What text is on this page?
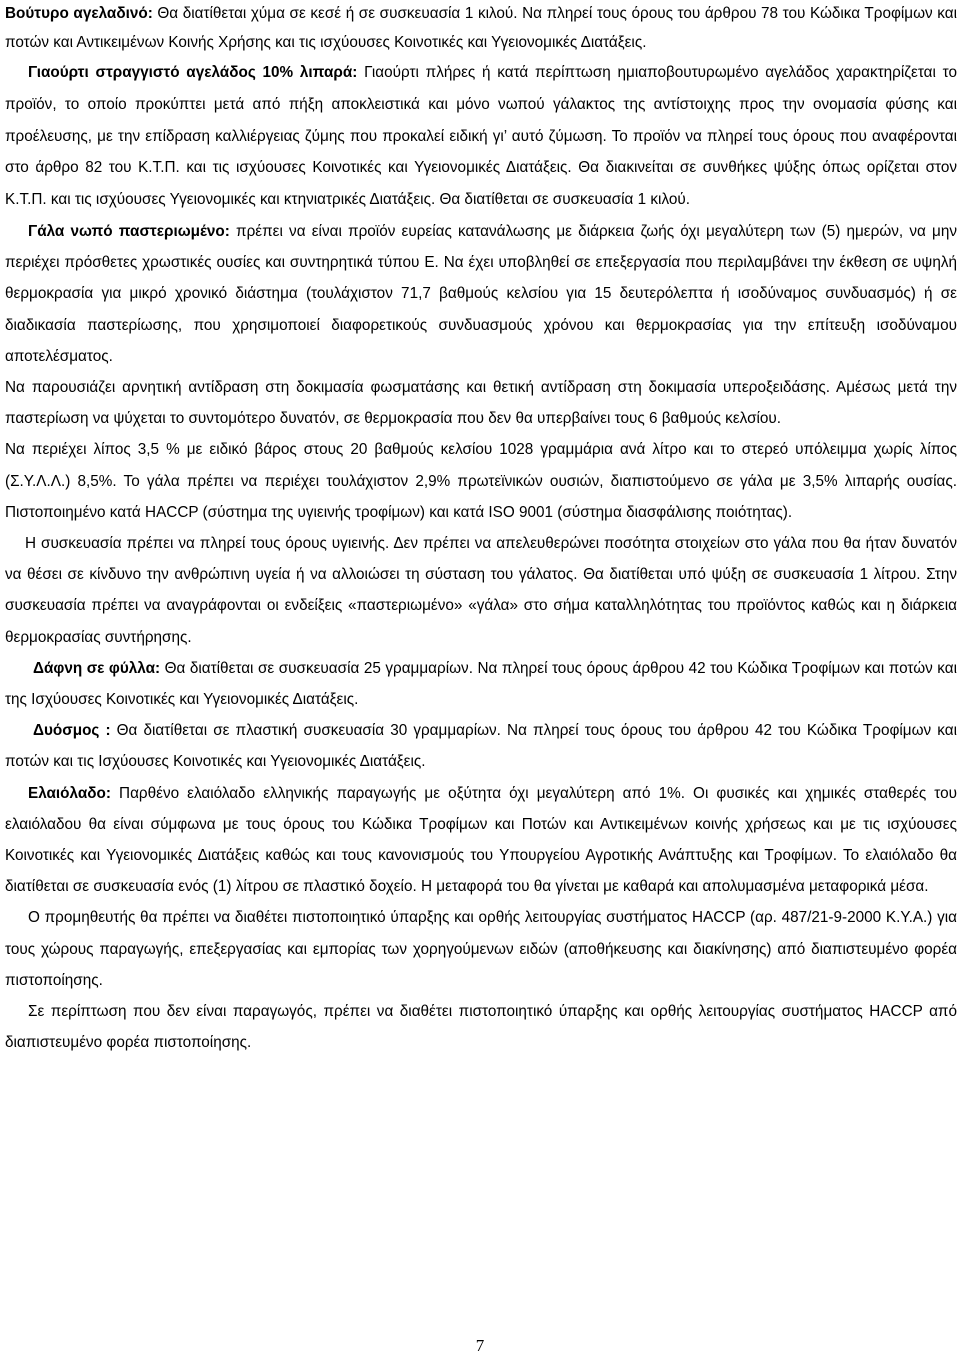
Βούτυρο αγελαδινό: Θα διατίθεται χύμα σε κεσέ ή σε συσκευασία 1 κιλού. Να πληρεί τους όρους του άρθρου 78 του Κώδικα Τροφίμων και ποτών και Αντικειμένων Κοινής Χρήσης και τις ισχύουσες Κοινοτικές και Υγειονομικές Διατάξεις.

Γιαούρτι στραγγιστό αγελάδος 10% λιπαρά: Γιαούρτι πλήρες ή κατά περίπτωση ημιαποβουτυρωμένο αγελάδος χαρακτηρίζεται το προϊόν, το οποίο προκύπτει μετά από πήξη αποκλειστικά και μόνο νωπού γάλακτος της αντίστοιχης προς την ονομασία φύσης και προέλευσης, με την επίδραση καλλιέργειας ζύμης που προκαλεί ειδική γι’ αυτό ζύμωση. Το προϊόν να πληρεί τους όρους που αναφέρονται στο άρθρο 82 του Κ.Τ.Π. και τις ισχύουσες Κοινοτικές και Υγειονομικές Διατάξεις. Θα διακινείται σε συνθήκες ψύξης όπως ορίζεται στον Κ.Τ.Π. και τις ισχύουσες Υγειονομικές και κτηνιατρικές Διατάξεις. Θα διατίθεται σε συσκευασία 1 κιλού.

Γάλα νωπό παστεριωμένο: πρέπει να είναι προϊόν ευρείας κατανάλωσης με διάρκεια ζωής όχι μεγαλύτερη των (5) ημερών, να μην περιέχει πρόσθετες χρωστικές ουσίες και συντηρητικά τύπου Ε. Να έχει υποβληθεί σε επεξεργασία που περιλαμβάνει την έκθεση σε υψηλή θερμοκρασία για μικρό χρονικό διάστημα (τουλάχιστον 71,7 βαθμούς κελσίου για 15 δευτερόλεπτα ή ισοδύναμος συνδυασμός) ή σε διαδικασία παστερίωσης, που χρησιμοποιεί διαφορετικούς συνδυασμούς χρόνου και θερμοκρασίας για την επίτευξη ισοδύναμου αποτελέσματος.

Να παρουσιάζει αρνητική αντίδραση στη δοκιμασία φωσματάσης και θετική αντίδραση στη δοκιμασία υπεροξειδάσης. Αμέσως μετά την παστερίωση να ψύχεται το συντομότερο δυνατόν, σε θερμοκρασία που δεν θα υπερβαίνει τους 6 βαθμούς κελσίου.

Να περιέχει λίπος 3,5 % με ειδικό βάρος στους 20 βαθμούς κελσίου 1028 γραμμάρια ανά λίτρο και το στερεό υπόλειμμα χωρίς λίπος (Σ.Υ.Λ.Λ.) 8,5%. Το γάλα πρέπει να περιέχει τουλάχιστον 2,9% πρωτεϊνικών ουσιών, διαπιστούμενο σε γάλα με 3,5% λιπαρής ουσίας. Πιστοποιημένο κατά HACCP (σύστημα της υγιεινής τροφίμων) και κατά ISO 9001 (σύστημα διασφάλισης ποιότητας).

Η συσκευασία πρέπει να πληρεί τους όρους υγιεινής. Δεν πρέπει να απελευθερώνει ποσότητα στοιχείων στο γάλα που θα ήταν δυνατόν να θέσει σε κίνδυνο την ανθρώπινη υγεία ή να αλλοιώσει τη σύσταση του γάλατος. Θα διατίθεται υπό ψύξη σε συσκευασία 1 λίτρου. Στην συσκευασία πρέπει να αναγράφονται οι ενδείξεις «παστεριωμένο» «γάλα» στο σήμα καταλληλότητας του προϊόντος καθώς και η διάρκεια θερμοκρασίας συντήρησης.

Δάφνη σε φύλλα: Θα διατίθεται σε συσκευασία 25 γραμμαρίων. Να πληρεί τους όρους άρθρου 42 του Κώδικα Τροφίμων και ποτών και της Ισχύουσες Κοινοτικές και Υγειονομικές Διατάξεις.

Δυόσμος : Θα διατίθεται σε πλαστική συσκευασία 30 γραμμαρίων. Να πληρεί τους όρους του άρθρου 42 του Κώδικα Τροφίμων και ποτών και τις Ισχύουσες Κοινοτικές και Υγειονομικές Διατάξεις.

Ελαιόλαδο: Παρθένο ελαιόλαδο ελληνικής παραγωγής με οξύτητα όχι μεγαλύτερη από 1%. Οι φυσικές και χημικές σταθερές του ελαιόλαδου θα είναι σύμφωνα με τους όρους του Κώδικα Τροφίμων και Ποτών και Αντικειμένων κοινής χρήσεως και με τις ισχύουσες Κοινοτικές και Υγειονομικές Διατάξεις καθώς και τους κανονισμούς του Υπουργείου Αγροτικής Ανάπτυξης και Τροφίμων. Το ελαιόλαδο θα διατίθεται σε συσκευασία ενός (1) λίτρου σε πλαστικό δοχείο. Η μεταφορά του θα γίνεται με καθαρά και απολυμασμένα μεταφορικά μέσα.

Ο προμηθευτής θα πρέπει να διαθέτει πιστοποιητικό ύπαρξης και ορθής λειτουργίας συστήματος HACCP (αρ. 487/21-9-2000 Κ.Υ.Α.) για τους χώρους παραγωγής, επεξεργασίας και εμπορίας των χορηγούμενων ειδών (αποθήκευσης και διακίνησης) από διαπιστευμένο φορέα πιστοποίησης.

Σε περίπτωση που δεν είναι παραγωγός, πρέπει να διαθέτει πιστοποιητικό ύπαρξης και ορθής λειτουργίας συστήματος HACCP από διαπιστευμένο φορέα πιστοποίησης.

7
